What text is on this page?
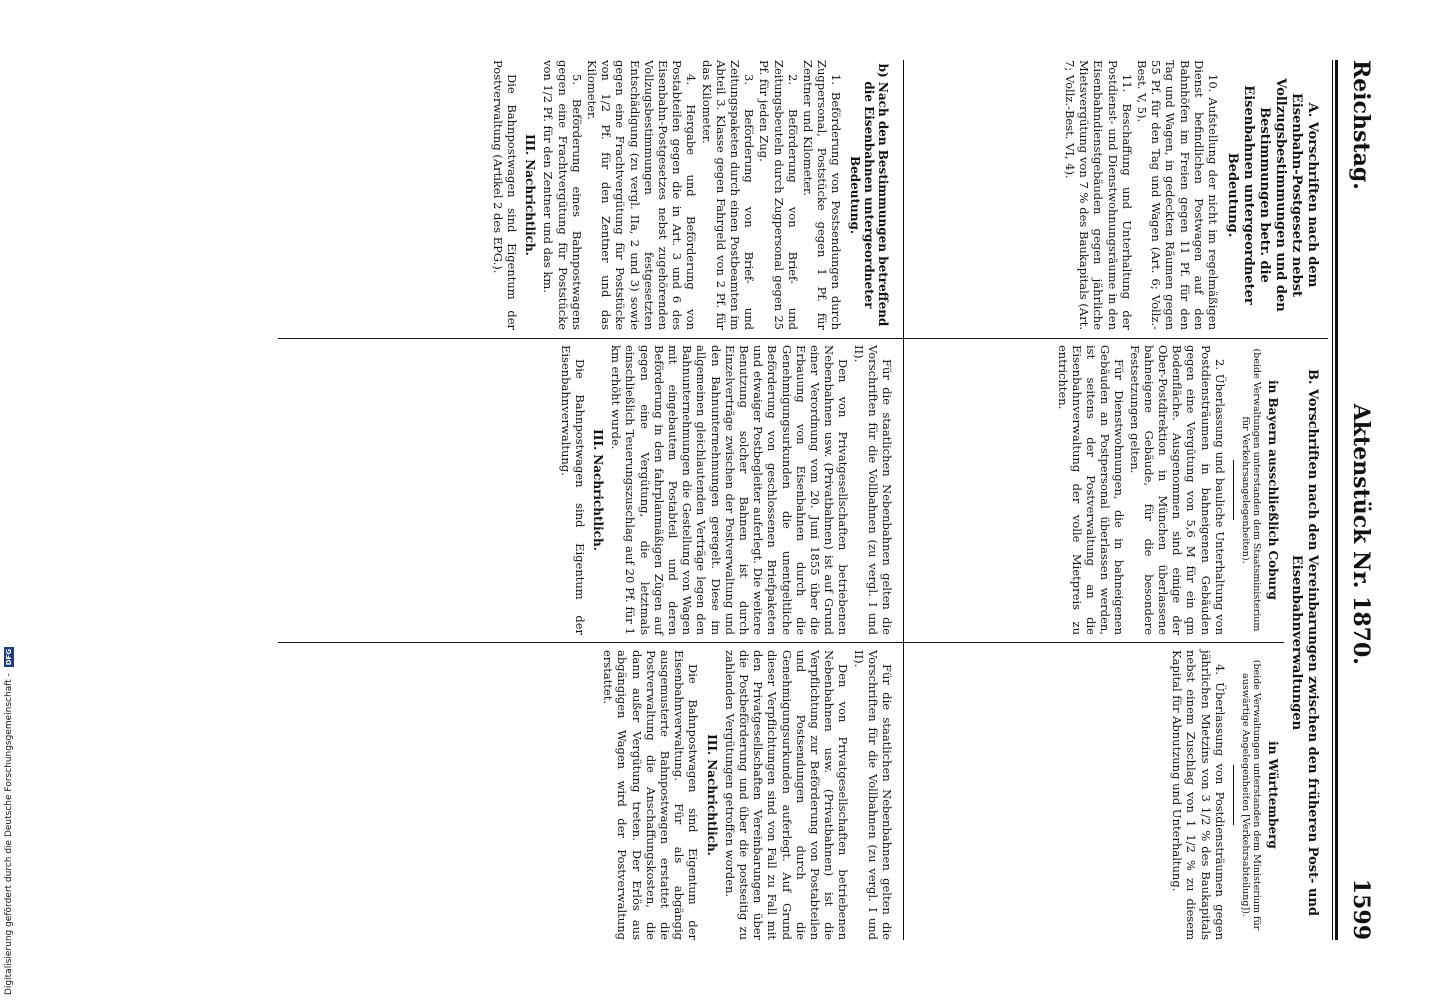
Reichstag.
Aktenstück Nr. 1870.
1599
A. Vorschriften nach dem Eisenbahn-Postgesetz nebst Vollzugsbestimmungen und den Bestimmungen betr. die Eisenbahnen untergeordneter Bedeutung.

10. Aufstellung der nicht im regelmäßigen Dienst befindlichen Postwagen auf den Bahnhöfen im Freien gegen 11 Pf. für den Tag und Wagen, in gedeckten Räumen gegen 55 Pf. für den Tag und Wagen (Art. 6; Vollz.-Best. V, 5).

11. Beschaffung und Unterhaltung der Postdienst- und Dienstwohnungsräume in den Eisenbahndienstgebäuden gegen jährliche Mietsvergütung von 7 % des Baukapitals (Art. 7; Vollz.-Best. VI, 4).

B. Vorschriften nach den Vereinbarungen zwischen den früheren Post- und Eisenbahnverwaltungen
in Bayern ausschließlich Coburg
(beide Verwaltungen unterstanden dem Staatsministerium für Verkehrsangelegenheiten).

2. Überlassung und bauliche Unterhaltung von Postdiensträumen in bahneigenen Gebäuden gegen eine Vergütung von 5,6 M für ein qm Bodenfläche. Ausgenommen sind einige der Ober-Postdirektion in München überlassene bahneigene Gebäude, für die besondere Festsetzungen gelten.

Für Dienstwohnungen, die in bahneigenen Gebäuden an Postpersonal überlassen werden, ist seitens der Postverwaltung an die Eisenbahnverwaltung der volle Mietpreis zu entrichten.

in Württemberg
(beide Verwaltungen unterstanden dem Ministerium für auswärtige Angelegenheiten [Verkehrsabteilung]).

4. Überlassung von Postdiensträumen gegen jährlichen Mietzins von 3 1/2 % des Baukapitals nebst einem Zuschlag von 1 1/2 % zu diesem Kapital für Abnutzung und Unterhaltung.

b) Nach den Bestimmungen betreffend die Eisenbahnen untergeordneter Bedeutung.

1. Beförderung von Postsendungen durch Zugpersonal, Poststücke gegen 1 Pf. für Zentner und Kilometer.

2. Beförderung von Brief- und Zeitungsbeuteln durch Zugpersonal gegen 25 Pf. für jeden Zug.

3. Beförderung von Brief- und Zeitungspaketen durch einen Postbeamten im Abteil 3. Klasse gegen Fahrgeld von 2 Pf. für das Kilometer.

4. Hergabe und Beförderung von Postabteilen gegen die in Art. 3 und 6 des Eisenbahn-Postgesetzes nebst zugehörenden Vollzugsbestimmungen festgesetzten Entschädigung (zu vergl. IIa, 2 und 3) sowie gegen eine Frachtvergütung für Poststücke von 1/2 Pf. für den Zentner und das Kilometer.

5. Beförderung eines Bahnpostwagens gegen eine Frachtvergütung für Poststücke von 1/2 Pf. für den Zentner und das km.

III. Nachrichtlich.

Die Bahnpostwagen sind Eigentum der Postverwaltung (Artikel 2 des EPG.).

Für die staatlichen Nebenbahnen gelten die Vorschriften für die Vollbahnen (zu vergl. I und II).

Den von Privatgesellschaften betriebenen Nebenbahnen usw. (Privatbahnen) ist auf Grund einer Verordnung vom 20. Juni 1855 über die Erbauung von Eisenbahnen durch die Genehmigungsurkunden die unentgeltliche Beförderung von geschlossenen Briefpaketen und etwaiger Postbegleiter auferlegt. Die weitere Benutzung solcher Bahnen ist durch Einzelverträge zwischen der Postverwaltung und den Bahnunternehmungen geregelt. Diese im allgemeinen gleichlautenden Verträge legen den Bahnunternehmungen die Gestellung von Wagen mit eingebautem Postabteil und deren Beförderung in den fahrplanmäßigen Zügen auf gegen eine Vergütung, die letztmals einschließlich Teuerungszuschlag auf 20 Pf. für 1 km erhöht wurde.

III. Nachrichtlich.

Die Bahnpostwagen sind Eigentum der Eisenbahnverwaltung.

Für die staatlichen Nebenbahnen gelten die Vorschriften für die Vollbahnen (zu vergl. I und II).

Den von Privatgesellschaften betriebenen Nebenbahnen usw. (Privatbahnen) ist die Verpflichtung zur Beförderung von Postabteilen und Postsendungen durch die Genehmigungsurkunden auferlegt. Auf Grund dieser Verpflichtungen sind von Fall zu Fall mit den Privatgesellschaften Vereinbarungen über die Postbeförderung und über die postseitig zu zahlenden Vergütungen getroffen worden.

III. Nachrichtlich.

Die Bahnpostwagen sind Eigentum der Eisenbahnverwaltung. Für als abgängig ausgemusterte Bahnpostwagen erstattet die Postverwaltung die Anschaffungskosten, die dann außer Vergütung treten. Der Erlös aus abgängigen Wagen wird der Postverwaltung erstattet.

Digitalisierung gefördert durch die Deutsche Forschungsgemeinschaft - DFG
